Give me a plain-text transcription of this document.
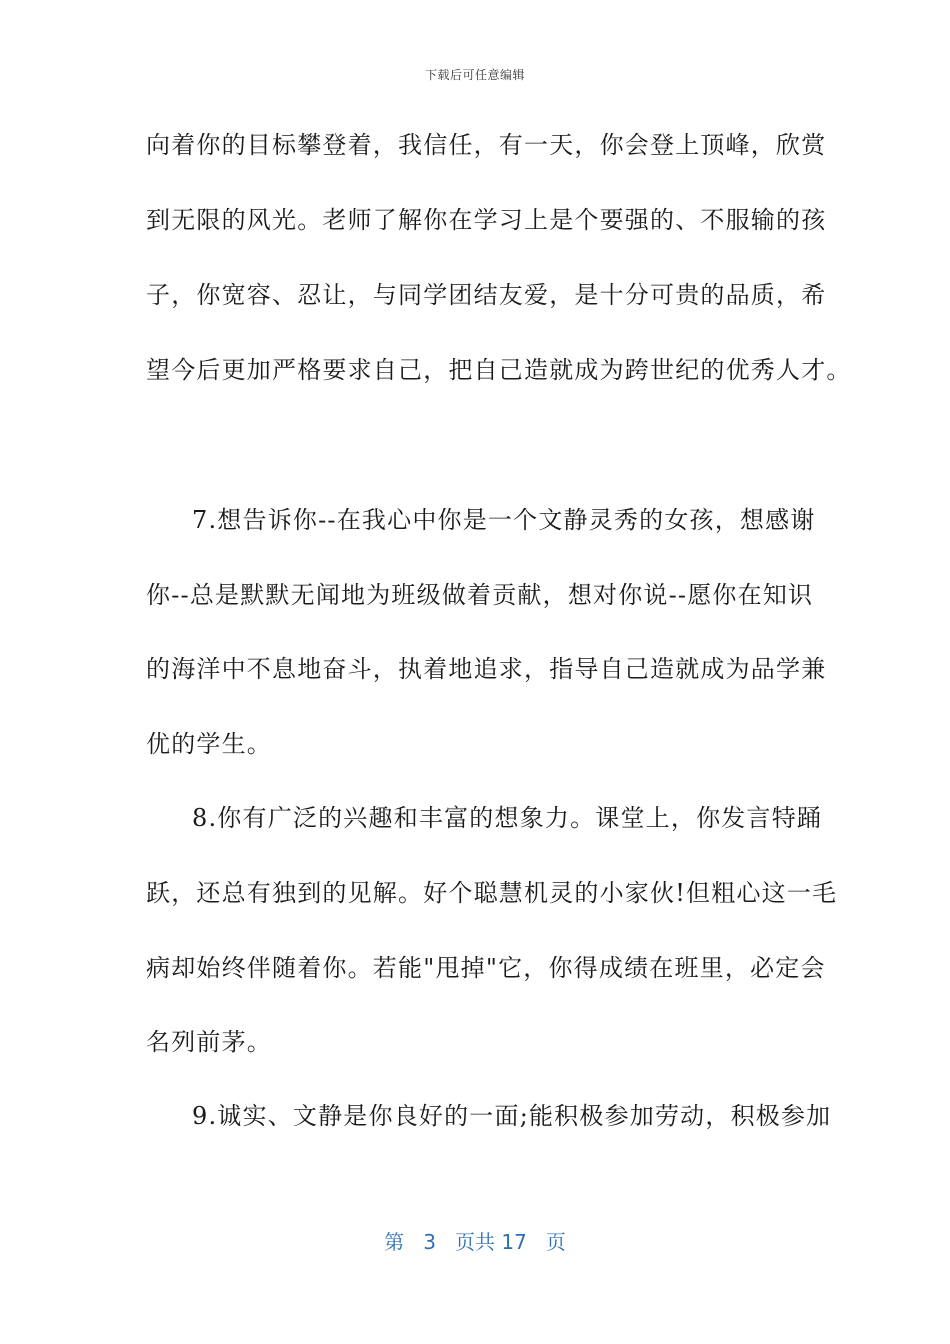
下载后可任意编辑
向着你的目标攀登着，我信任，有一天，你会登上顶峰，欣赏
到无限的风光。老师了解你在学习上是个要强的、不服输的孩
子，你宽容、忍让，与同学团结友爱，是十分可贵的品质，希
望今后更加严格要求自己，把自己造就成为跨世纪的优秀人才。
7.想告诉你--在我心中你是一个文静灵秀的女孩，想感谢
你--总是默默无闻地为班级做着贡献，想对你说--愿你在知识
的海洋中不息地奋斗，执着地追求，指导自己造就成为品学兼
优的学生。
8.你有广泛的兴趣和丰富的想象力。课堂上，你发言特踊
跃，还总有独到的见解。好个聪慧机灵的小家伙!但粗心这一毛
病却始终伴随着你。若能"甩掉"它，你得成绩在班里，必定会
名列前茅。
9.诚实、文静是你良好的一面;能积极参加劳动，积极参加
第 3 页共 17 页
